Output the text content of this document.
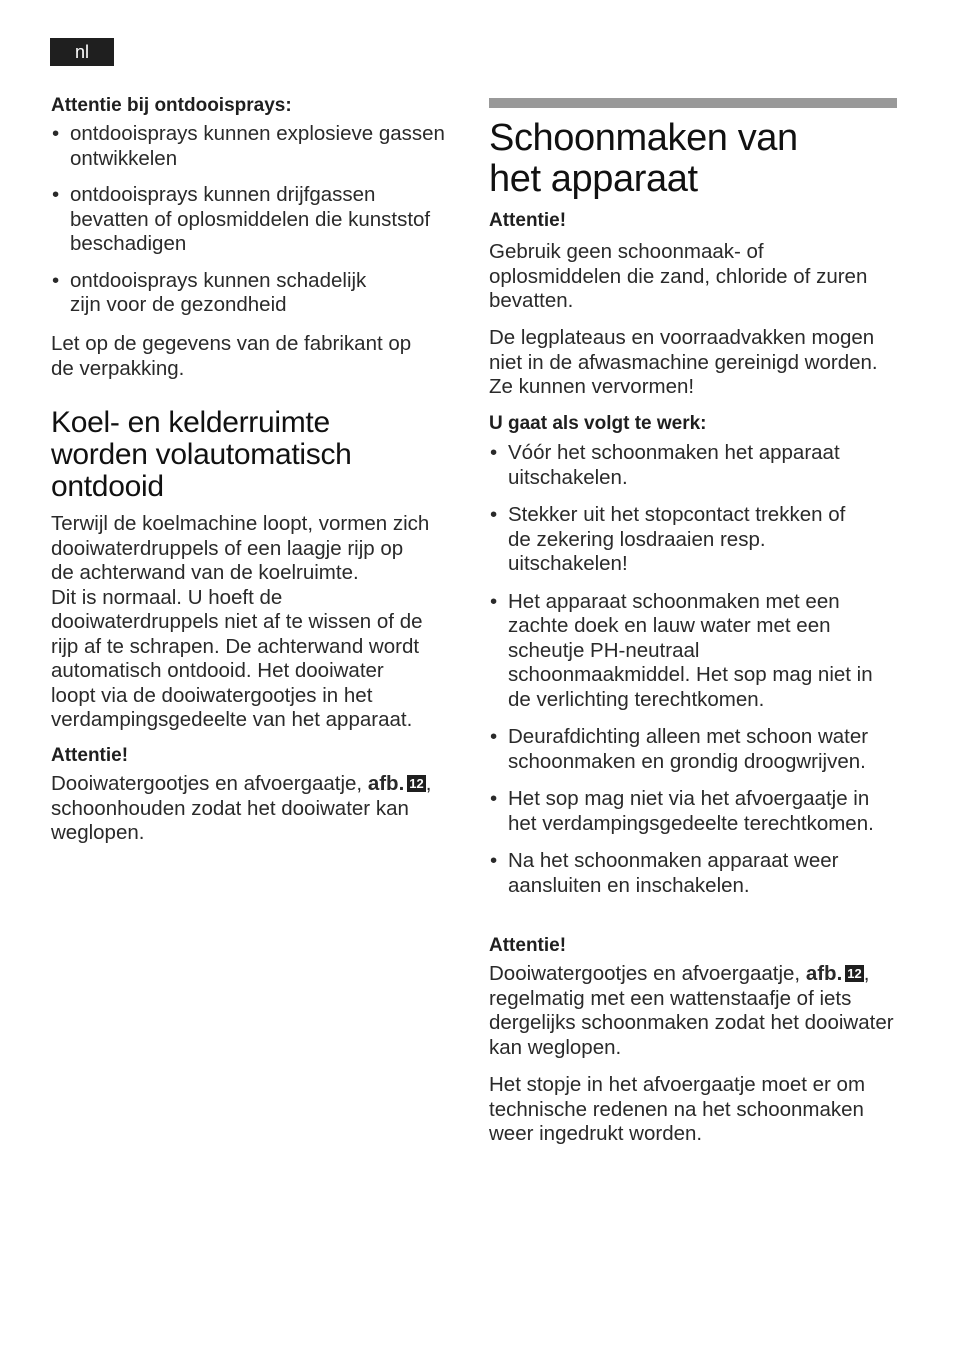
nl
Attentie bij ontdooisprays:
• ontdooisprays kunnen explosieve gassen ontwikkelen
• ontdooisprays kunnen drijfgassen bevatten of oplosmiddelen die kunststof beschadigen
• ontdooisprays kunnen schadelijk zijn voor de gezondheid

Let op de gegevens van de fabrikant op de verpakking.

Koel- en kelderruimte
worden volautomatisch
ontdooid
Terwijl de koelmachine loopt, vormen zich
dooiwaterdruppels of een laagje rijp op
de achterwand van de koelruimte.
Dit is normaal. U hoeft de
dooiwaterdruppels niet af te wissen of de
rijp af te schrapen. De achterwand wordt
automatisch ontdooid. Het dooiwater
loopt via de dooiwatergootjes in het
verdampingsgedeelte van het apparaat.
Attentie!

Dooiwatergootjes en afvoergaatje, afb. 12, schoonhouden zodat het dooiwater kan weglopen.

Schoonmaken van
het apparaat
Attentie!

Gebruik geen schoonmaak- of oplosmiddelen die zand, chloride of zuren bevatten.

De legplateaus en voorraadvakken mogen niet in de afwasmachine gereinigd worden. Ze kunnen vervormen!

U gaat als volgt te werk:
• Vóór het schoonmaken het apparaat uitschakelen.
• Stekker uit het stopcontact trekken of de zekering losdraaien resp. uitschakelen!
• Het apparaat schoonmaken met een zachte doek en lauw water met een scheutje PH-neutraal schoonmaakmiddel. Het sop mag niet in de verlichting terechtkomen.
• Deurafdichting alleen met schoon water schoonmaken en grondig droogwrijven.
• Het sop mag niet via het afvoergaatje in het verdampingsgedeelte terechtkomen.
• Na het schoonmaken apparaat weer aansluiten en inschakelen.
Attentie!

Dooiwatergootjes en afvoergaatje, afb. 12, regelmatig met een wattenstaafje of iets dergelijks schoonmaken zodat het dooiwater kan weglopen.

Het stopje in het afvoergaatje moet er om technische redenen na het schoonmaken weer ingedrukt worden.
